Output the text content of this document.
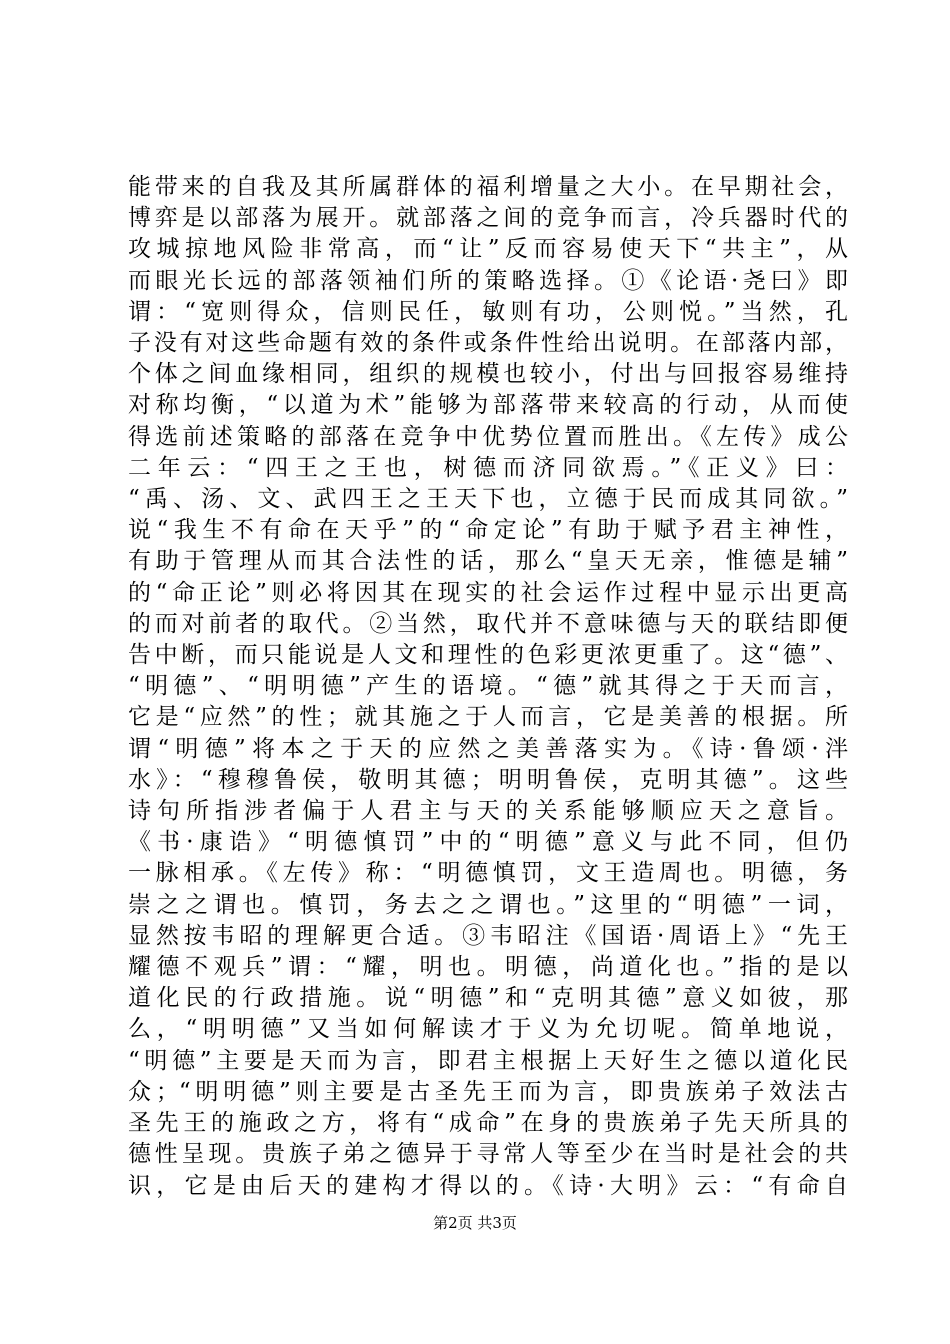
能带来的自我及其所属群体的福利增量之大小。在早期社会，
博弈是以部落为展开。就部落之间的竞争而言，冷兵器时代的
攻城掠地风险非常高，而“让”反而容易使天下“共主”，从
而眼光长远的部落领袖们所的策略选择。①《论语·尧曰》即
谓：“宽则得众，信则民任，敏则有功，公则悦。”当然，孔
子没有对这些命题有效的条件或条件性给出说明。在部落内部，
个体之间血缘相同，组织的规模也较小，付出与回报容易维持
对称均衡，“以道为术”能够为部落带来较高的行动，从而使
得选前述策略的部落在竞争中优势位置而胜出。《左传》成公
二年云：“四王之王也，树德而济同欲焉。”《正义》曰：
“禹、汤、文、武四王之王天下也，立德于民而成其同欲。”
说“我生不有命在天乎”的“命定论”有助于赋予君主神性，
有助于管理从而其合法性的话，那么“皇天无亲，惟德是辅”
的“命正论”则必将因其在现实的社会运作过程中显示出更高
的而对前者的取代。②当然，取代并不意味德与天的联结即便
告中断，而只能说是人文和理性的色彩更浓更重了。这“德”、
“明德”、“明明德”产生的语境。“德”就其得之于天而言，
它是“应然”的性；就其施之于人而言，它是美善的根据。所
谓“明德”将本之于天的应然之美善落实为。《诗·鲁颂·泮
水》：“穆穆鲁侯，敬明其德；明明鲁侯，克明其德”。这些
诗句所指涉者偏于人君主与天的关系能够顺应天之意旨。
《书·康诰》“明德慎罚”中的“明德”意义与此不同，但仍
一脉相承。《左传》称：“明德慎罚，文王造周也。明德，务
崇之之谓也。慎罚，务去之之谓也。”这里的“明德”一词，
显然按韦昭的理解更合适。③韦昭注《国语·周语上》“先王
耀德不观兵”谓：“耀，明也。明德，尚道化也。”指的是以
道化民的行政措施。说“明德”和“克明其德”意义如彼，那
么，“明明德”又当如何解读才于义为允切呢。简单地说，
“明德”主要是天而为言，即君主根据上天好生之德以道化民
众；“明明德”则主要是古圣先王而为言，即贵族弟子效法古
圣先王的施政之方，将有“成命”在身的贵族弟子先天所具的
德性呈现。贵族子弟之德异于寻常人等至少在当时是社会的共
识，它是由后天的建构才得以的。《诗·大明》云：“有命自
第2页 共3页
